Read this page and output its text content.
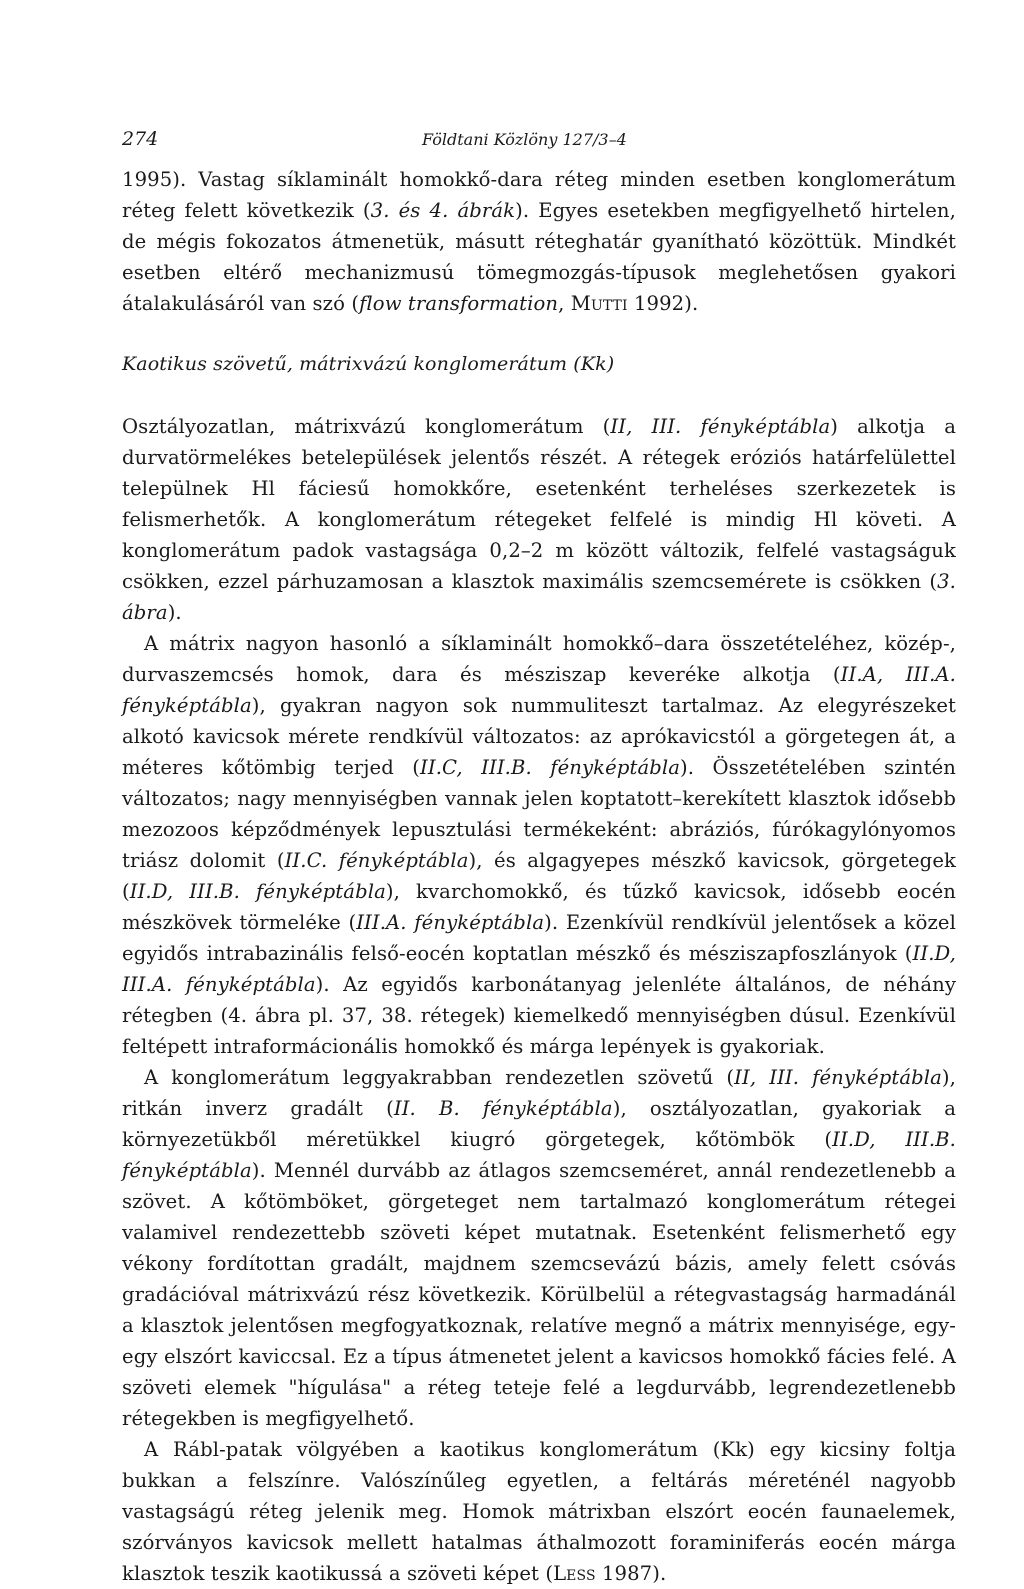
274	Földtani Közlöny 127/3–4

1995). Vastag síklaminált homokkő-dara réteg minden esetben konglomerátum réteg felett következik (3. és 4. ábrák). Egyes esetekben megfigyelhető hirtelen, de mégis fokozatos átmenetük, másutt réteghatár gyanítható közöttük. Mindkét esetben eltérő mechanizmusú tömegmozgás-típusok meglehetősen gyakori átalakulásáról van szó (flow transformation, Mutti 1992).

Kaotikus szövetű, mátrixvázú konglomerátum (Kk)

Osztályozatlan, mátrixvázú konglomerátum (II, III. fényképtábla) alkotja a durvatörmelékes betelepülések jelentős részét. A rétegek eróziós határfelülettel települnek Hl fáciesű homokkőre, esetenként terheléses szerkezetek is felismerhetők. A konglomerátum rétegeket felfelé is mindig Hl követi. A konglomerátum padok vastagsága 0,2–2 m között változik, felfelé vastagságuk csökken, ezzel párhuzamosan a klasztok maximális szemcsemérete is csökken (3. ábra).

A mátrix nagyon hasonló a síklaminált homokkő–dara összetételéhez, közép-, durvaszemcsés homok, dara és mésziszap keveréke alkotja (II.A, III.A. fényképtábla), gyakran nagyon sok nummuliteszt tartalmaz. Az elegyrészeket alkotó kavicsok mérete rendkívül változatos: az aprókavicstól a görgetegen át, a méteres kőtömbig terjed (II.C, III.B. fényképtábla). Összetételében szintén változatos; nagy mennyiségben vannak jelen koptatott–kerekített klasztok idősebb mezozoos képződmények lepusztulási termékeként: abráziós, fúrókagylónyomos triász dolomit (II.C. fényképtábla), és algagyepes mészkő kavicsok, görgetegek (II.D, III.B. fényképtábla), kvarchomokkő, és tűzkő kavicsok, idősebb eocén mészkövek törmeléke (III.A. fényképtábla). Ezenkívül rendkívül jelentősek a közel egyidős intrabazinális felső-eocén koptatlan mészkő és mésziszapfoszlányok (II.D, III.A. fényképtábla). Az egyidős karbonátanyag jelenléte általános, de néhány rétegben (4. ábra pl. 37, 38. rétegek) kiemelkedő mennyiségben dúsul. Ezenkívül feltépett intraformácionális homokkő és márga lepények is gyakoriak.

A konglomerátum leggyakrabban rendezetlen szövetű (II, III. fényképtábla), ritkán inverz gradált (II. B. fényképtábla), osztályozatlan, gyakoriak a környezetükből méretükkel kiugró görgetegek, kőtömbök (II.D, III.B. fényképtábla). Mennél durvább az átlagos szemcseméret, annál rendezetlenebb a szövet. A kőtömböket, görgeteget nem tartalmazó konglomerátum rétegei valamivel rendezettebb szöveti képet mutatnak. Esetenként felismerhető egy vékony fordítottan gradált, majdnem szemcsevázú bázis, amely felett csóvás gradációval mátrixvázú rész következik. Körülbelül a rétegvastagság harmadánál a klasztok jelentősen megfogyatkoznak, relatíve megnő a mátrix mennyisége, egy-egy elszórt kaviccsal. Ez a típus átmenetet jelent a kavicsos homokkő fácies felé. A szöveti elemek "hígulása" a réteg teteje felé a legdurvább, legrendezetlenebb rétegekben is megfigyelhető.

A Rábl-patak völgyében a kaotikus konglomerátum (Kk) egy kicsiny foltja bukkan a felszínre. Valószínűleg egyetlen, a feltárás méreténél nagyobb vastagságú réteg jelenik meg. Homok mátrixban elszórt eocén faunaelemek, szórványos kavicsok mellett hatalmas áthalmozott foraminiferás eocén márga klasztok teszik kaotikussá a szöveti képet (Less 1987).
